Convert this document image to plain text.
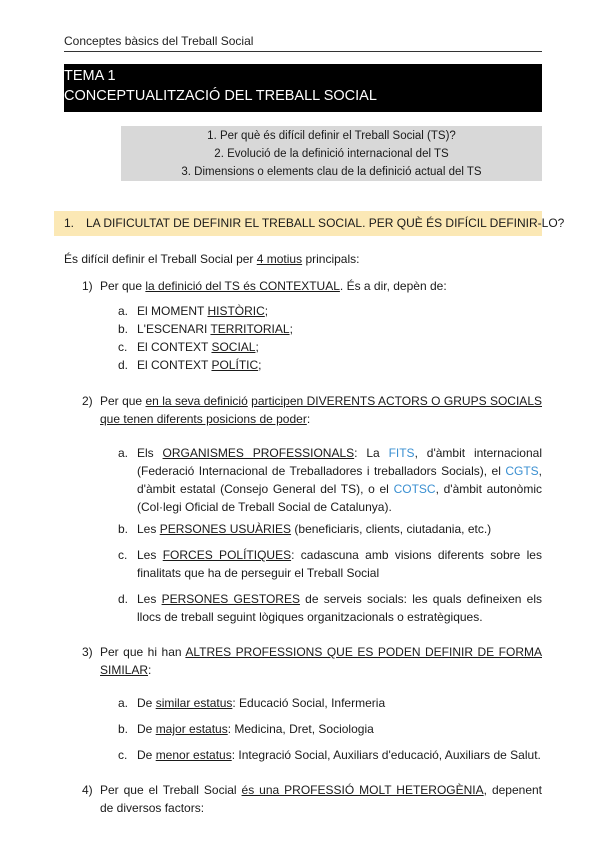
Conceptes bàsics del Treball Social
TEMA 1
CONCEPTUALITZACIÓ DEL TREBALL SOCIAL
1. Per què és difícil definir el Treball Social (TS)?
2. Evolució de la definició internacional del TS
3. Dimensions o elements clau de la definició actual del TS
1. LA DIFICULTAT DE DEFINIR EL TREBALL SOCIAL. PER QUÈ ÉS DIFÍCIL DEFINIR-LO?
És difícil definir el Treball Social per 4 motius principals:
1) Per que la definició del TS és CONTEXTUAL. És a dir, depèn de:
a. El MOMENT HISTÒRIC;
b. L'ESCENARI TERRITORIAL;
c. El CONTEXT SOCIAL;
d. El CONTEXT POLÍTIC;
2) Per que en la seva definició participen DIVERENTS ACTORS O GRUPS SOCIALS
que tenen diferents posicions de poder:
a. Els ORGANISMES PROFESSIONALS: La FITS, d'àmbit internacional (Federació Internacional de Treballadores i treballadors Socials), el CGTS, d'àmbit estatal (Consejo General del TS), o el COTSC, d'àmbit autonòmic (Col·legi Oficial de Treball Social de Catalunya).
b. Les PERSONES USUÀRIES (beneficiaris, clients, ciutadania, etc.)
c. Les FORCES POLÍTIQUES: cadascuna amb visions diferents sobre les finalitats que ha de perseguir el Treball Social
d. Les PERSONES GESTORES de serveis socials: les quals defineixen els llocs de treball seguint lògiques organitzacionals o estratègiques.
3) Per que hi han ALTRES PROFESSIONS QUE ES PODEN DEFINIR DE FORMA SIMILAR:
a. De similar estatus: Educació Social, Infermeria
b. De major estatus: Medicina, Dret, Sociologia
c. De menor estatus: Integració Social, Auxiliars d'educació, Auxiliars de Salut.
4) Per que el Treball Social és una PROFESSIÓ MOLT HETEROGÈNIA, depenent de diversos factors:
